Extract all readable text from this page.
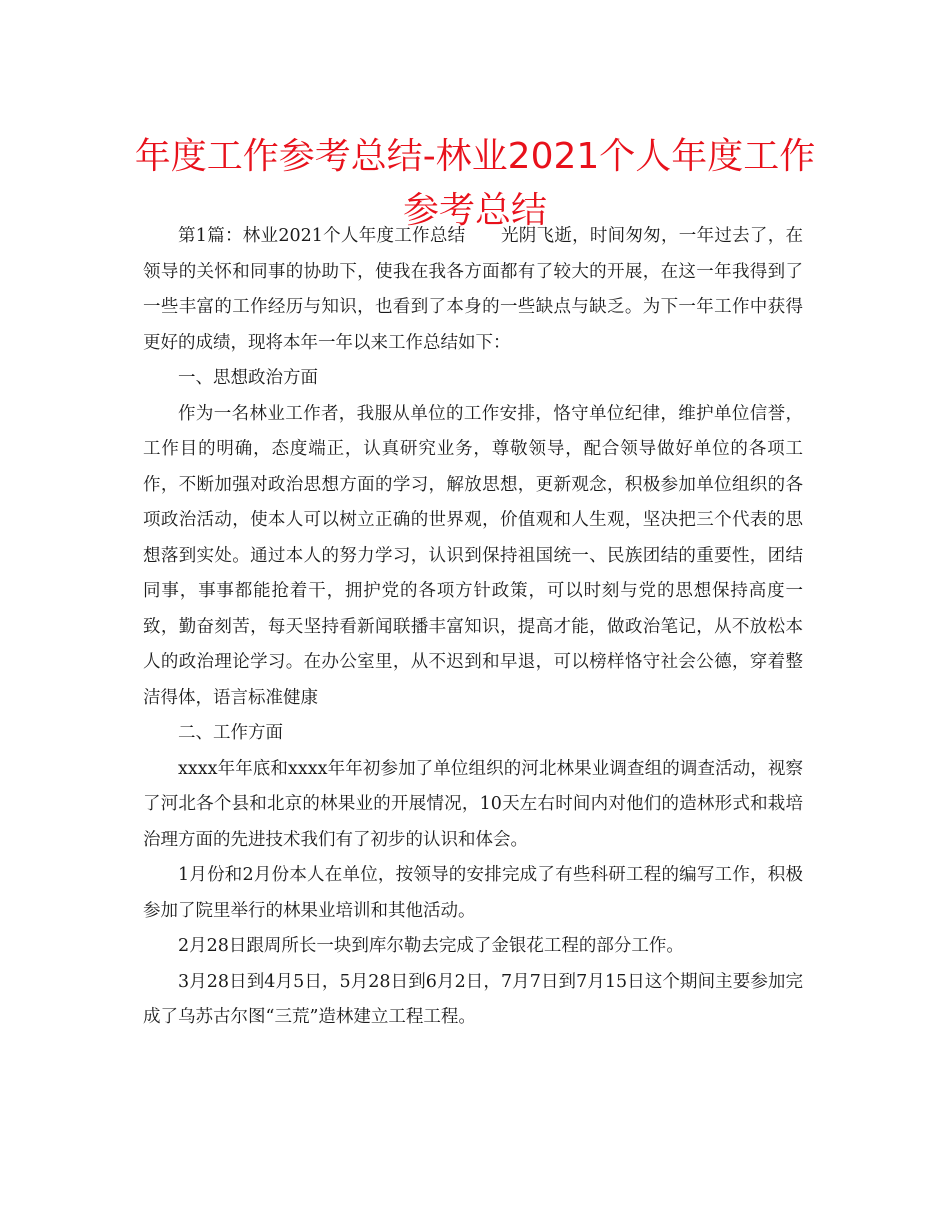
年度工作参考总结-林业2021个人年度工作参考总结

第1篇：林业2021个人年度工作总结　　光阴飞逝，时间匆匆，一年过去了，在领导的关怀和同事的协助下，使我在我各方面都有了较大的开展，在这一年我得到了一些丰富的工作经历与知识，也看到了本身的一些缺点与缺乏。为下一年工作中获得更好的成绩，现将本年一年以来工作总结如下：

一、思想政治方面

作为一名林业工作者，我服从单位的工作安排，恪守单位纪律，维护单位信誉，工作目的明确，态度端正，认真研究业务，尊敬领导，配合领导做好单位的各项工作，不断加强对政治思想方面的学习，解放思想，更新观念，积极参加单位组织的各项政治活动，使本人可以树立正确的世界观，价值观和人生观，坚决把三个代表的思想落到实处。通过本人的努力学习，认识到保持祖国统一、民族团结的重要性，团结同事，事事都能抢着干，拥护党的各项方针政策，可以时刻与党的思想保持高度一致，勤奋刻苦，每天坚持看新闻联播丰富知识，提高才能，做政治笔记，从不放松本人的政治理论学习。在办公室里，从不迟到和早退，可以榜样恪守社会公德，穿着整洁得体，语言标准健康

二、工作方面

xxxx年年底和xxxx年年初参加了单位组织的河北林果业调查组的调查活动，视察了河北各个县和北京的林果业的开展情况，10天左右时间内对他们的造林形式和栽培治理方面的先进技术我们有了初步的认识和体会。

1月份和2月份本人在单位，按领导的安排完成了有些科研工程的编写工作，积极参加了院里举行的林果业培训和其他活动。

2月28日跟周所长一块到库尔勒去完成了金银花工程的部分工作。

3月28日到4月5日，5月28日到6月2日，7月7日到7月15日这个期间主要参加完成了乌苏古尔图“三荒”造林建立工程工程。
